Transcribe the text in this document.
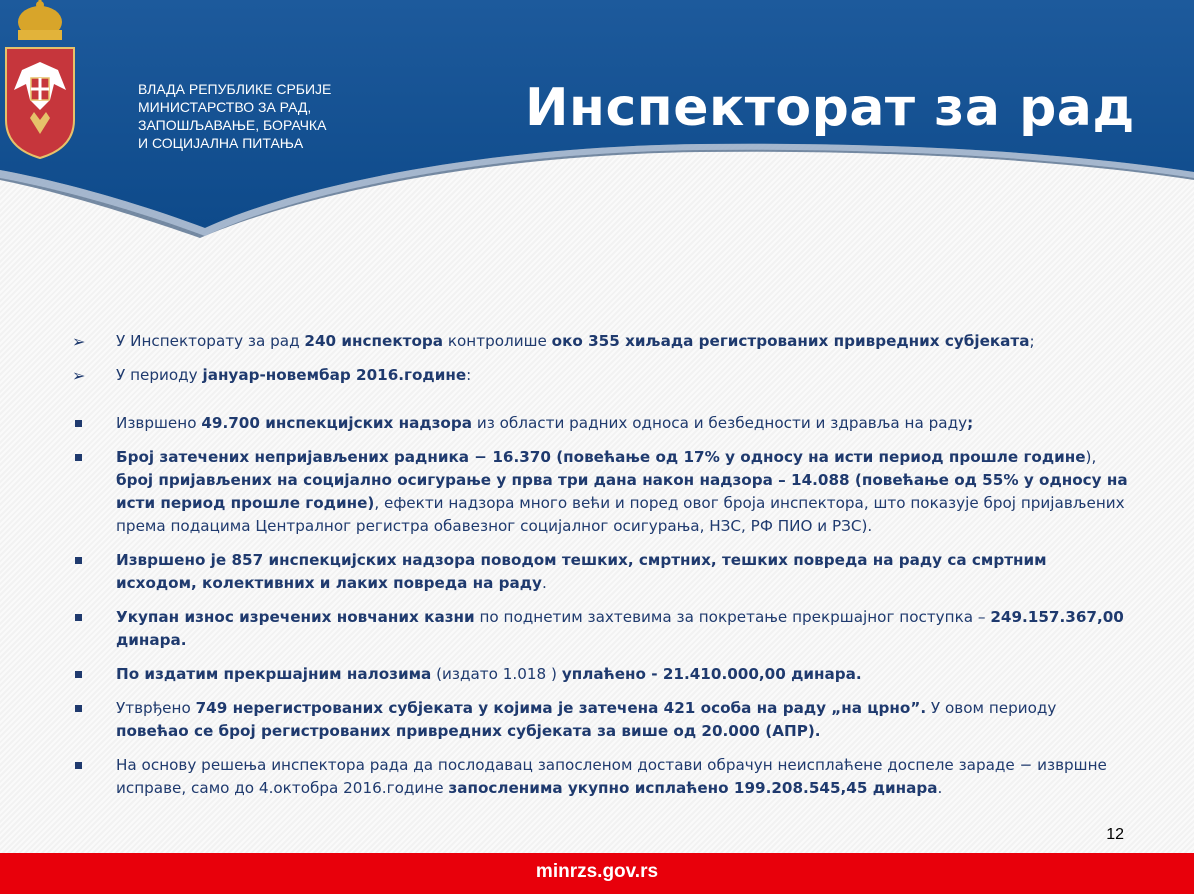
ВЛАДА РЕПУБЛИКЕ СРБИЈЕ
МИНИСТАРСТВО ЗА РАД,
ЗАПОШЉАВАЊЕ, БОРАЧКА
И СОЦИЈАЛНА ПИТАЊА
Инспекторат за рад
➢ У Инспекторату за рад 240 инспектора контролише око 355 хиљада регистрованих привредних субјеката;
➢ У периоду јануар-новембар 2016.године:
Извршено 49.700 инспекцијских надзора из области радних односа и безбедности и здравља на раду;
Број затечених непријављених радника − 16.370 (повећање од 17% у односу на исти период прошле године), број пријављених на социјално осигурање у прва три дана након надзора – 14.088 (повећање од 55% у односу на исти период прошле године), ефекти надзора много већи и поред овог броја инспектора, што показује број пријављених према подацима Централног регистра обавезног социјалног осигурања, НЗС, РФ ПИО и РЗС).
Извршено је 857 инспекцијских надзора поводом тешких, смртних, тешких повреда на раду са смртним исходом, колективних и лаких повреда на раду.
Укупан износ изречених новчаних казни по поднетим захтевима за покретање прекршајног поступка – 249.157.367,00 динара.
По издатим прекршајним налозима (издато 1.018 ) уплаћено - 21.410.000,00 динара.
Утврђено 749 нерегистрованих субјеката у којима је затечена 421 особа на раду „на црно”. У овом периоду повећао се број регистрованих привредних субјеката за више од 20.000 (АПР).
На основу решења инспектора рада да послодавац запосленом достави обрачун неисплаћене доспеле зараде − извршне исправе, само до 4.октобра 2016.године запосленима укупно исплаћено 199.208.545,45 динара.
12
minrzs.gov.rs
